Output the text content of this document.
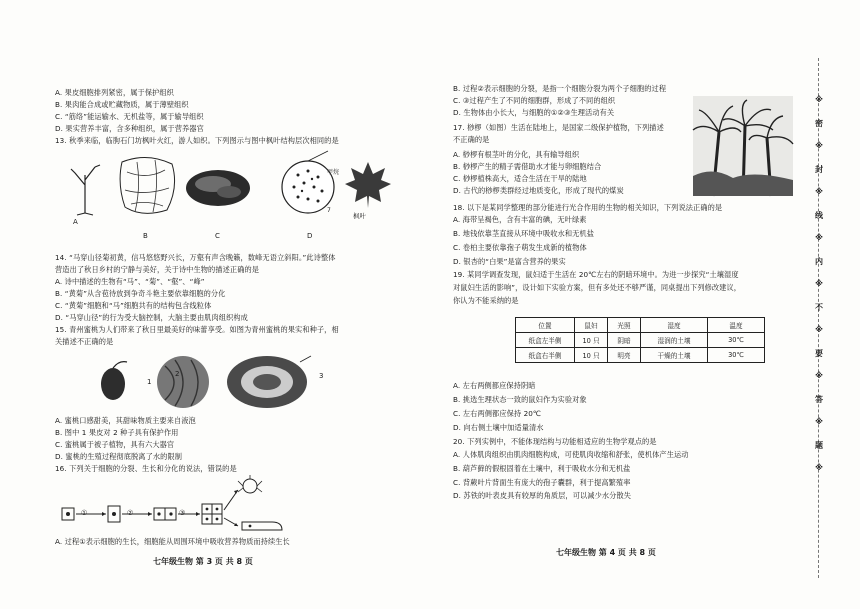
A. 果皮细胞排列紧密，属于保护组织
B. 果肉能合成或贮藏物质，属于薄壁组织
C. “筋络”能运输水、无机盐等，属于输导组织
D. 果实营养丰富，含多种组织，属于营养器官
13. 秋季来临，临朐石门坊枫叶火红，游人如织。下列图示与图中枫叶结构层次相同的是
A
B	C	D
甲烷
7
枫叶
14. “马穿山径菊初黄，信马悠悠野兴长，万壑有声含晚籁，数峰无语立斜阳。”此诗整体
营造出了秋日乡村的宁静与美好，关于诗中生物的描述正确的是
A. 诗中描述的生物有“马”、“菊”、“壑”、“峰”
B. “黄菊”从含苞待放到争奇斗艳主要依靠细胞的分化
C. “黄菊”细胞和“马”细胞共有的结构包含线粒体
D. “马穿山径”的行为受大脑控制，大脑主要由肌肉组织构成
15. 青州蜜桃为人们带来了秋日里最美好的味蕾享受。如图为青州蜜桃的果实和种子，相
关描述不正确的是
1
2	3
A. 蜜桃口感甜美，其甜味物质主要来自液泡
B. 图中 1 果皮对 2 种子具有保护作用
C. 蜜桃属于被子植物，具有六大器官
D. 蜜桃的生殖过程彻底脱离了水的限制
16. 下列关于细胞的分裂、生长和分化的说法，错误的是
①	②	③
A. 过程①表示细胞的生长，细胞能从周围环境中吸收营养物质而持续生长
七年级生物 第 3 页 共 8 页
B. 过程②表示细胞的分裂，是指一个细胞分裂为两个子细胞的过程
C. ③过程产生了不同的细胞群，形成了不同的组织
D. 生物体由小长大，与细胞的①②③生理活动有关
17. 桫椤（如图）生活在陆地上，是国家二级保护植物，下列描述
不正确的是
A. 桫椤有根茎叶的分化，具有输导组织
B. 桫椤产生的精子需借助水才能与卵细胞结合
C. 桫椤植株高大，适合生活在干旱的陆地
D. 古代的桫椤类群经过地质变化，形成了现代的煤炭
18. 以下是某同学整理的部分能进行光合作用的生物的相关知识，下列说法正确的是
A. 海带呈褐色，含有丰富的碘，无叶绿素
B. 地钱依靠茎直接从环境中吸收水和无机盐
C. 卷柏主要依靠孢子萌发生成新的植物体
D. 银杏的“白果”是富含营养的果实
19. 某同学调查发现，鼠妇适于生活在 20℃左右的阴暗环境中。为进一步探究“土壤湿度
对鼠妇生活的影响”，设计如下实验方案，但有多处还不够严谨，同桌提出下列修改建议，
你认为不能采纳的是
位置	鼠妇	光照	湿度	温度
纸盒左半侧	10 只	阴暗	湿润的土壤	30℃
纸盒右半侧	10 只	明亮	干燥的土壤	30℃
A. 左右两侧都应保持阴暗
B. 挑选生理状态一致的鼠妇作为实验对象
C. 左右两侧都应保持 20℃
D. 向右侧土壤中加适量清水
20. 下列实例中，不能体现结构与功能相适应的生物学观点的是
A. 人体肌肉组织由肌肉细胞构成，可使肌肉收缩和舒张，使机体产生运动
B. 葫芦藓的假根固着在土壤中，利于吸收水分和无机盐
C. 背蕨叶片背面生有庞大的孢子囊群，利于提高繁殖率
D. 苏铁的叶表皮具有较厚的角质层，可以减少水分散失
七年级生物 第 4 页 共 8 页
※
密
※
封
※
线
※
内
※
不
※
要
※
答
※
题
※
